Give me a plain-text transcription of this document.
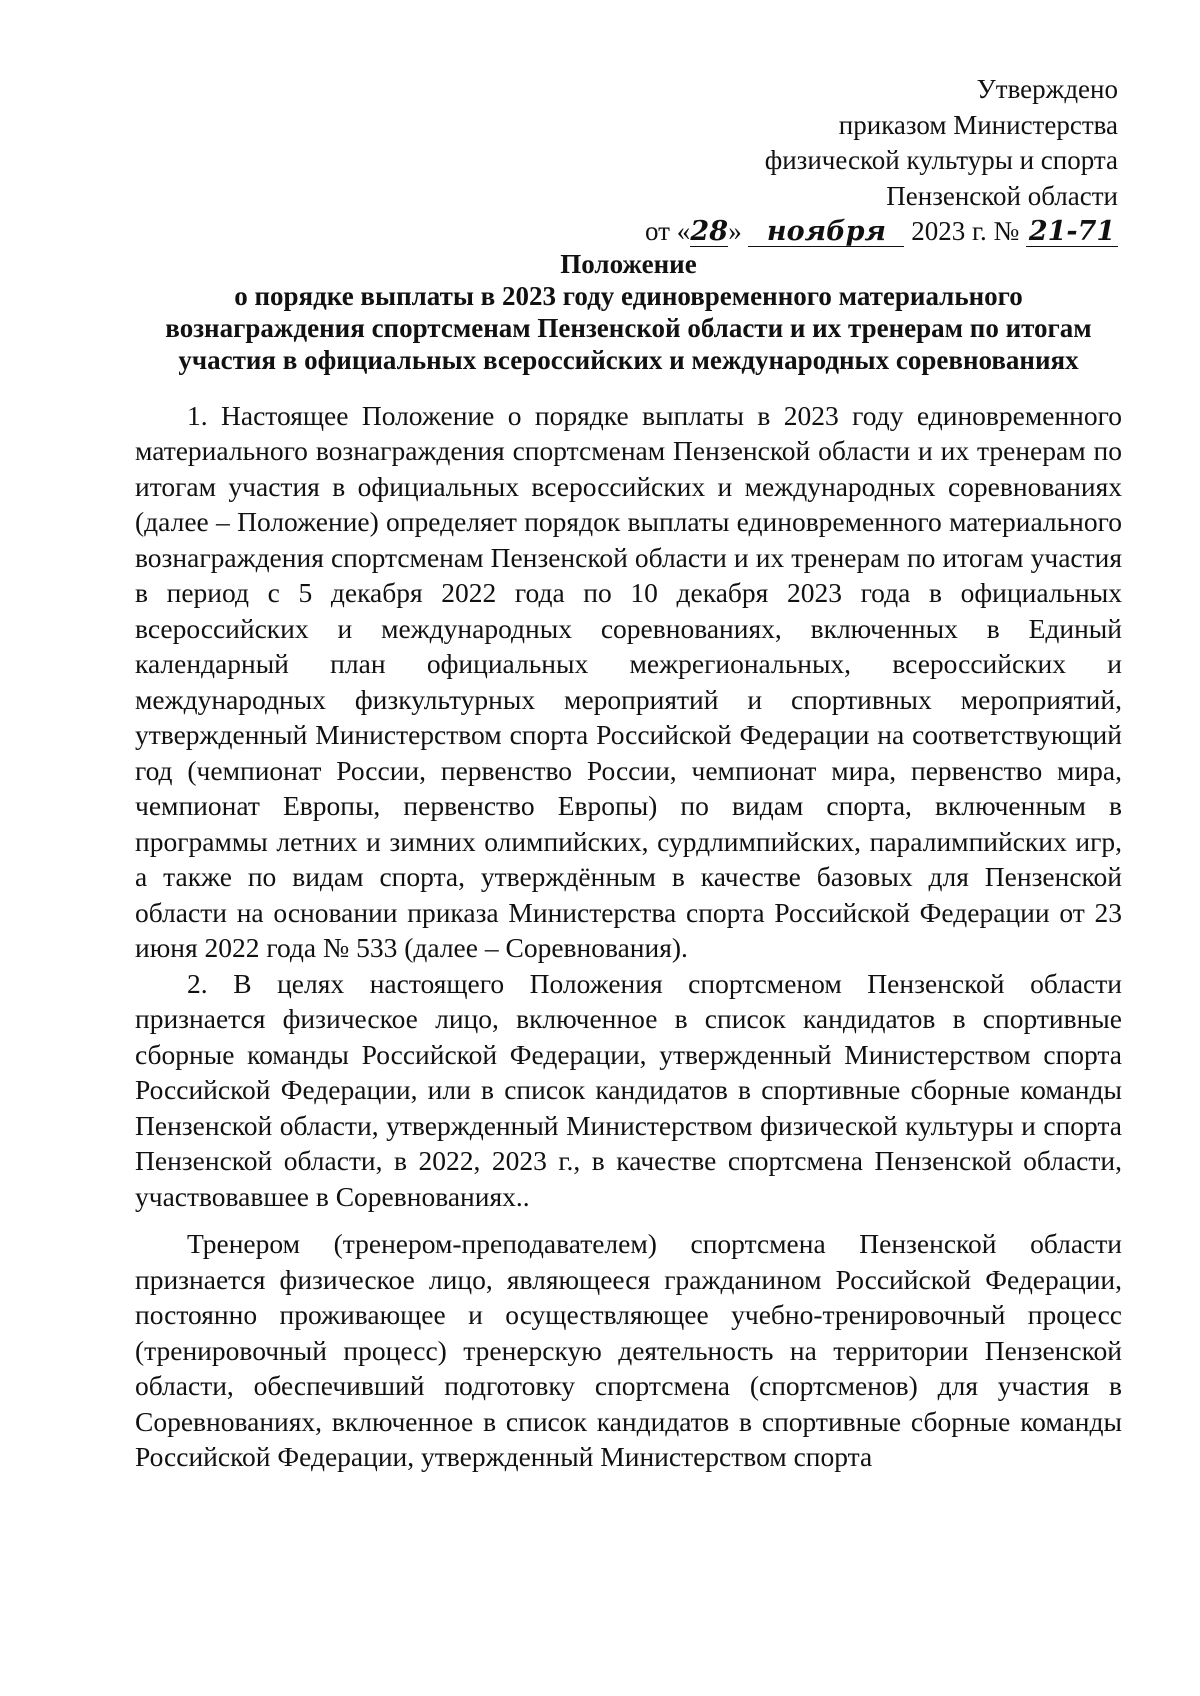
Утверждено
приказом Министерства
физической культуры и спорта
Пензенской области
от «28» ноября 2023 г. № 21-71
Положение
о порядке выплаты в 2023 году единовременного материального
вознаграждения спортсменам Пензенской области и их тренерам по итогам
участия в официальных всероссийских и международных соревнованиях

1. Настоящее Положение о порядке выплаты в 2023 году единовременного материального вознаграждения спортсменам Пензенской области и их тренерам по итогам участия в официальных всероссийских и международных соревнованиях (далее – Положение) определяет порядок выплаты единовременного материального вознаграждения спортсменам Пензенской области и их тренерам по итогам участия в период с 5 декабря 2022 года по 10 декабря 2023 года в официальных всероссийских и международных соревнованиях, включенных в Единый календарный план официальных межрегиональных, всероссийских и международных физкультурных мероприятий и спортивных мероприятий, утвержденный Министерством спорта Российской Федерации на соответствующий год (чемпионат России, первенство России, чемпионат мира, первенство мира, чемпионат Европы, первенство Европы) по видам спорта, включенным в программы летних и зимних олимпийских, сурдлимпийских, паралимпийских игр, а также по видам спорта, утверждённым в качестве базовых для Пензенской области на основании приказа Министерства спорта Российской Федерации от 23 июня 2022 года № 533 (далее – Соревнования).

2. В целях настоящего Положения спортсменом Пензенской области признается физическое лицо, включенное в список кандидатов в спортивные сборные команды Российской Федерации, утвержденный Министерством спорта Российской Федерации, или в список кандидатов в спортивные сборные команды Пензенской области, утвержденный Министерством физической культуры и спорта Пензенской области, в 2022, 2023 г., в качестве спортсмена Пензенской области, участвовавшее в Соревнованиях..

Тренером (тренером-преподавателем) спортсмена Пензенской области признается физическое лицо, являющееся гражданином Российской Федерации, постоянно проживающее и осуществляющее учебно-тренировочный процесс (тренировочный процесс) тренерскую деятельность на территории Пензенской области, обеспечивший подготовку спортсмена (спортсменов) для участия в Соревнованиях, включенное в список кандидатов в спортивные сборные команды Российской Федерации, утвержденный Министерством спорта
